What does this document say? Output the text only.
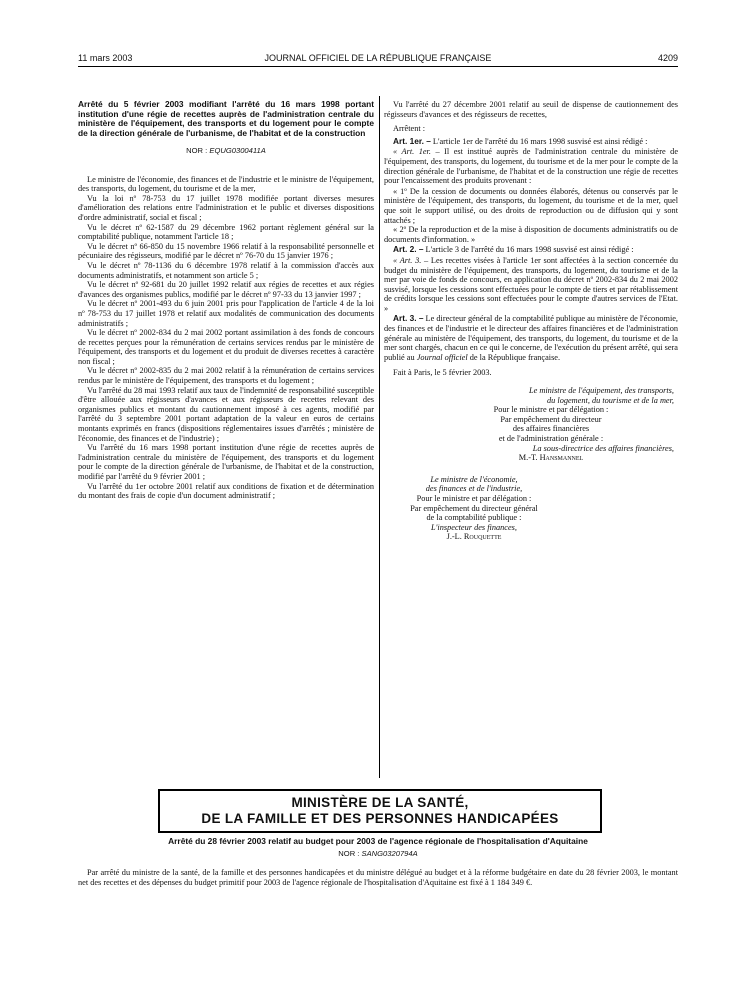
11 mars 2003	JOURNAL OFFICIEL DE LA RÉPUBLIQUE FRANÇAISE	4209

Arrêté du 5 février 2003 modifiant l'arrêté du 16 mars 1998 portant institution d'une régie de recettes auprès de l'administration centrale du ministère de l'équipement, des transports et du logement pour le compte de la direction générale de l'urbanisme, de l'habitat et de la construction

NOR : EQUG0300411A

Le ministre de l'économie, des finances et de l'industrie et le ministre de l'équipement, des transports, du logement, du tourisme et de la mer,

Vu la loi nº 78-753 du 17 juillet 1978 modifiée portant diverses mesures d'amélioration des relations entre l'administration et le public et diverses dispositions d'ordre administratif, social et fiscal ;

Vu le décret nº 62-1587 du 29 décembre 1962 portant règlement général sur la comptabilité publique, notamment l'article 18 ;

Vu le décret nº 66-850 du 15 novembre 1966 relatif à la responsabilité personnelle et pécuniaire des régisseurs, modifié par le décret nº 76-70 du 15 janvier 1976 ;

Vu le décret nº 78-1136 du 6 décembre 1978 relatif à la commission d'accès aux documents administratifs, et notamment son article 5 ;

Vu le décret nº 92-681 du 20 juillet 1992 relatif aux régies de recettes et aux régies d'avances des organismes publics, modifié par le décret nº 97-33 du 13 janvier 1997 ;

Vu le décret nº 2001-493 du 6 juin 2001 pris pour l'application de l'article 4 de la loi nº 78-753 du 17 juillet 1978 et relatif aux modalités de communication des documents administratifs ;

Vu le décret nº 2002-834 du 2 mai 2002 portant assimilation à des fonds de concours de recettes perçues pour la rémunération de certains services rendus par le ministère de l'équipement, des transports et du logement et du produit de diverses recettes à caractère non fiscal ;

Vu le décret nº 2002-835 du 2 mai 2002 relatif à la rémunération de certains services rendus par le ministère de l'équipement, des transports et du logement ;

Vu l'arrêté du 28 mai 1993 relatif aux taux de l'indemnité de responsabilité susceptible d'être allouée aux régisseurs d'avances et aux régisseurs de recettes relevant des organismes publics et montant du cautionnement imposé à ces agents, modifié par l'arrêté du 3 septembre 2001 portant adaptation de la valeur en euros de certains montants exprimés en francs (dispositions réglementaires issues d'arrêtés ; ministère de l'économie, des finances et de l'industrie) ;

Vu l'arrêté du 16 mars 1998 portant institution d'une régie de recettes auprès de l'administration centrale du ministère de l'équipement, des transports et du logement pour le compte de la direction générale de l'urbanisme, de l'habitat et de la construction, modifié par l'arrêté du 9 février 2001 ;

Vu l'arrêté du 1er octobre 2001 relatif aux conditions de fixation et de détermination du montant des frais de copie d'un document administratif ;

Vu l'arrêté du 27 décembre 2001 relatif au seuil de dispense de cautionnement des régisseurs d'avances et des régisseurs de recettes,

Arrêtent :

Art. 1er. – L'article 1er de l'arrêté du 16 mars 1998 susvisé est ainsi rédigé :

« Art. 1er. – Il est institué auprès de l'administration centrale du ministère de l'équipement, des transports, du logement, du tourisme et de la mer pour le compte de la direction générale de l'urbanisme, de l'habitat et de la construction une régie de recettes pour l'encaissement des produits provenant :

« 1º De la cession de documents ou données élaborés, détenus ou conservés par le ministère de l'équipement, des transports, du logement, du tourisme et de la mer, quel que soit le support utilisé, ou des droits de reproduction ou de diffusion qui y sont attachés ;

« 2º De la reproduction et de la mise à disposition de documents administratifs ou de documents d'information. »

Art. 2. – L'article 3 de l'arrêté du 16 mars 1998 susvisé est ainsi rédigé :

« Art. 3. – Les recettes visées à l'article 1er sont affectées à la section concernée du budget du ministère de l'équipement, des transports, du logement, du tourisme et de la mer par voie de fonds de concours, en application du décret nº 2002-834 du 2 mai 2002 susvisé, lorsque les cessions sont effectuées pour le compte de tiers et par rétablissement de crédits lorsque les cessions sont effectuées pour le compte d'autres services de l'Etat. »

Art. 3. – Le directeur général de la comptabilité publique au ministère de l'économie, des finances et de l'industrie et le directeur des affaires financières et de l'administration générale au ministère de l'équipement, des transports, du logement, du tourisme et de la mer sont chargés, chacun en ce qui le concerne, de l'exécution du présent arrêté, qui sera publié au Journal officiel de la République française.

Fait à Paris, le 5 février 2003.

Le ministre de l'équipement, des transports,

du logement, du tourisme et de la mer,

Pour le ministre et par délégation :

Par empêchement du directeur

des affaires financières

et de l'administration générale :

La sous-directrice des affaires financières,

M.-T. Hansmannel

Le ministre de l'économie,

des finances et de l'industrie,

Pour le ministre et par délégation :

Par empêchement du directeur général

de la comptabilité publique :

L'inspecteur des finances,

J.-L. Rouquette

MINISTÈRE DE LA SANTÉ,
DE LA FAMILLE ET DES PERSONNES HANDICAPÉES
Arrêté du 28 février 2003 relatif au budget pour 2003 de l'agence régionale de l'hospitalisation d'Aquitaine
NOR : SANG0320794A

Par arrêté du ministre de la santé, de la famille et des personnes handicapées et du ministre délégué au budget et à la réforme budgétaire en date du 28 février 2003, le montant net des recettes et des dépenses du budget primitif pour 2003 de l'agence régionale de l'hospitalisation d'Aquitaine est fixé à 1 184 349 €.
